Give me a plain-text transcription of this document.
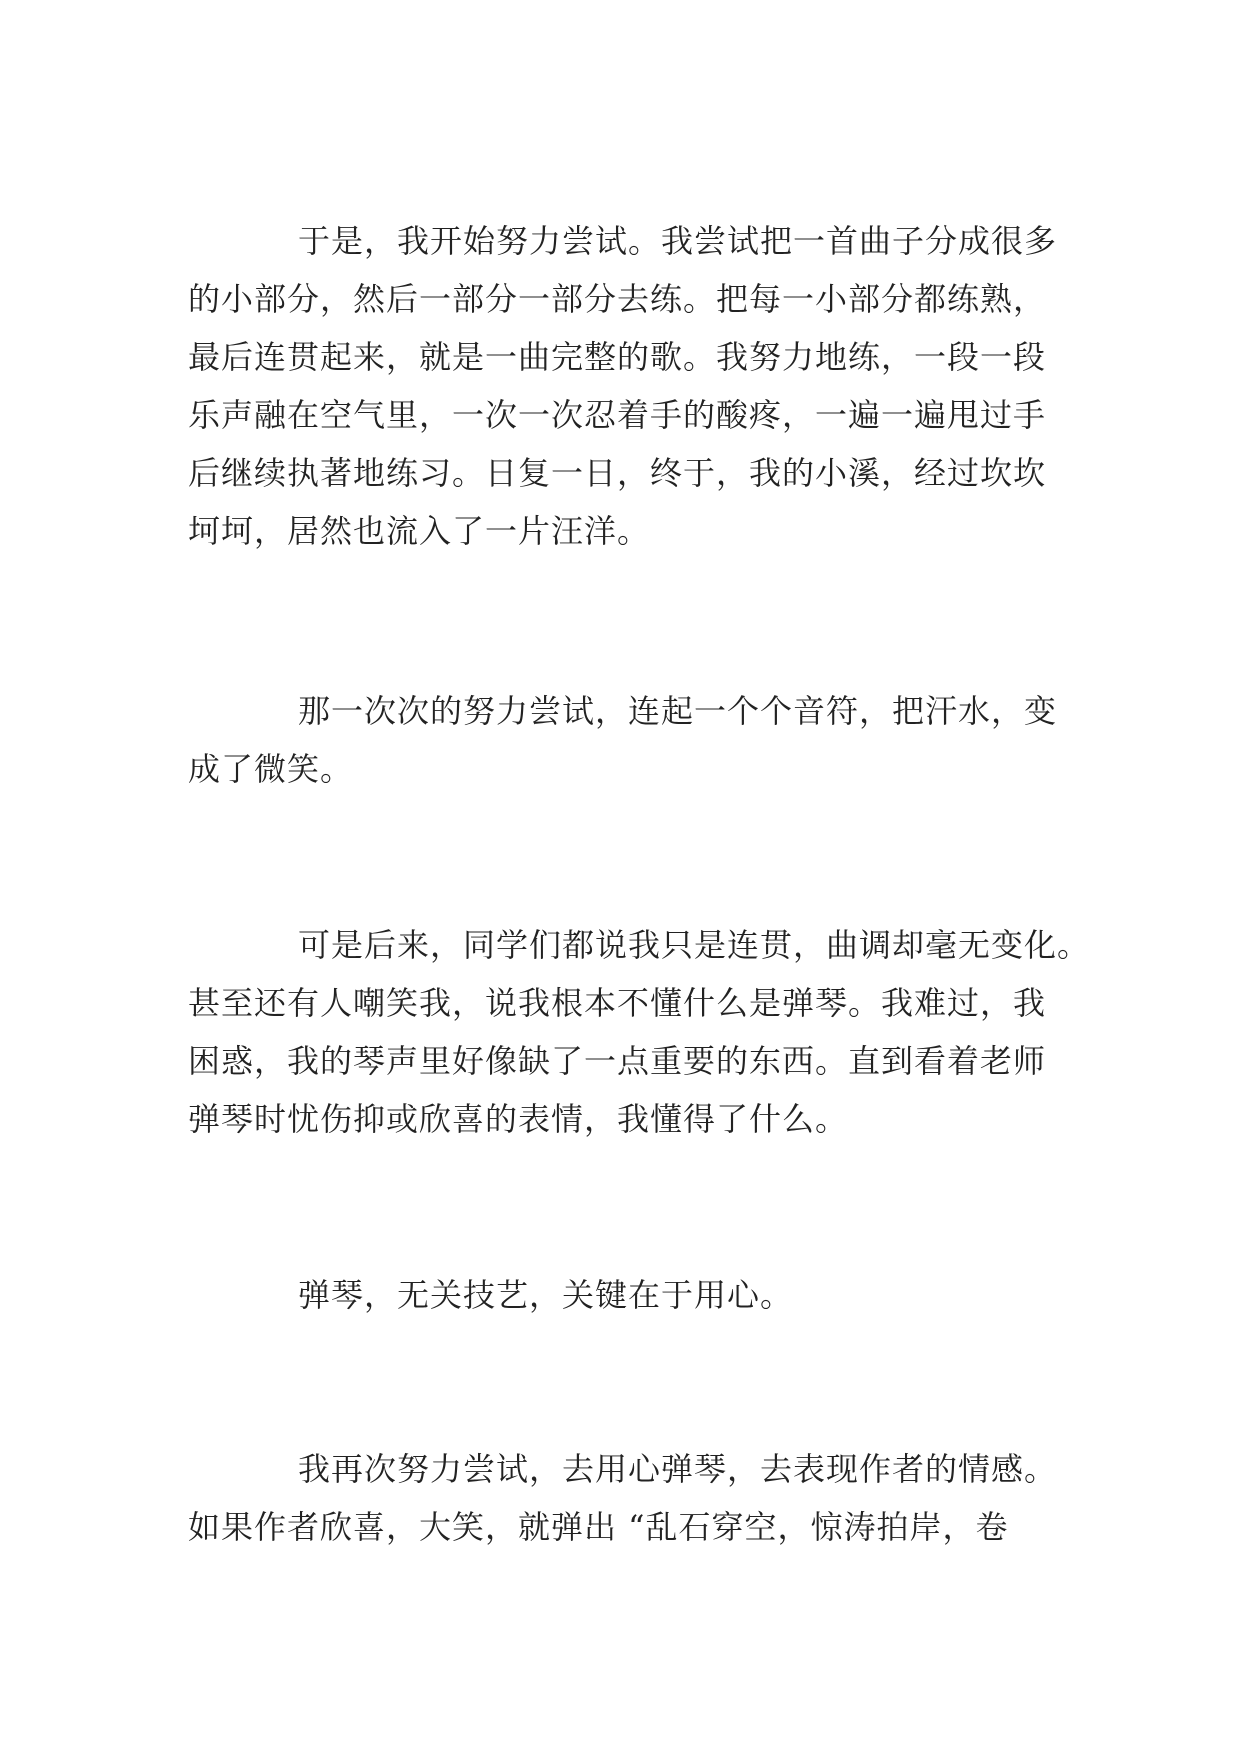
于是，我开始努力尝试。我尝试把一首曲子分成很多
的小部分，然后一部分一部分去练。把每一小部分都练熟，
最后连贯起来，就是一曲完整的歌。我努力地练，一段一段
乐声融在空气里，一次一次忍着手的酸疼，一遍一遍甩过手
后继续执著地练习。日复一日，终于，我的小溪，经过坎坎
坷坷，居然也流入了一片汪洋。
那一次次的努力尝试，连起一个个音符，把汗水，变
成了微笑。
可是后来，同学们都说我只是连贯，曲调却毫无变化。
甚至还有人嘲笑我，说我根本不懂什么是弹琴。我难过，我
困惑，我的琴声里好像缺了一点重要的东西。直到看着老师
弹琴时忧伤抑或欣喜的表情，我懂得了什么。
弹琴，无关技艺，关键在于用心。
我再次努力尝试，去用心弹琴，去表现作者的情感。
如果作者欣喜，大笑，就弹出 “乱石穿空，惊涛拍岸，卷
